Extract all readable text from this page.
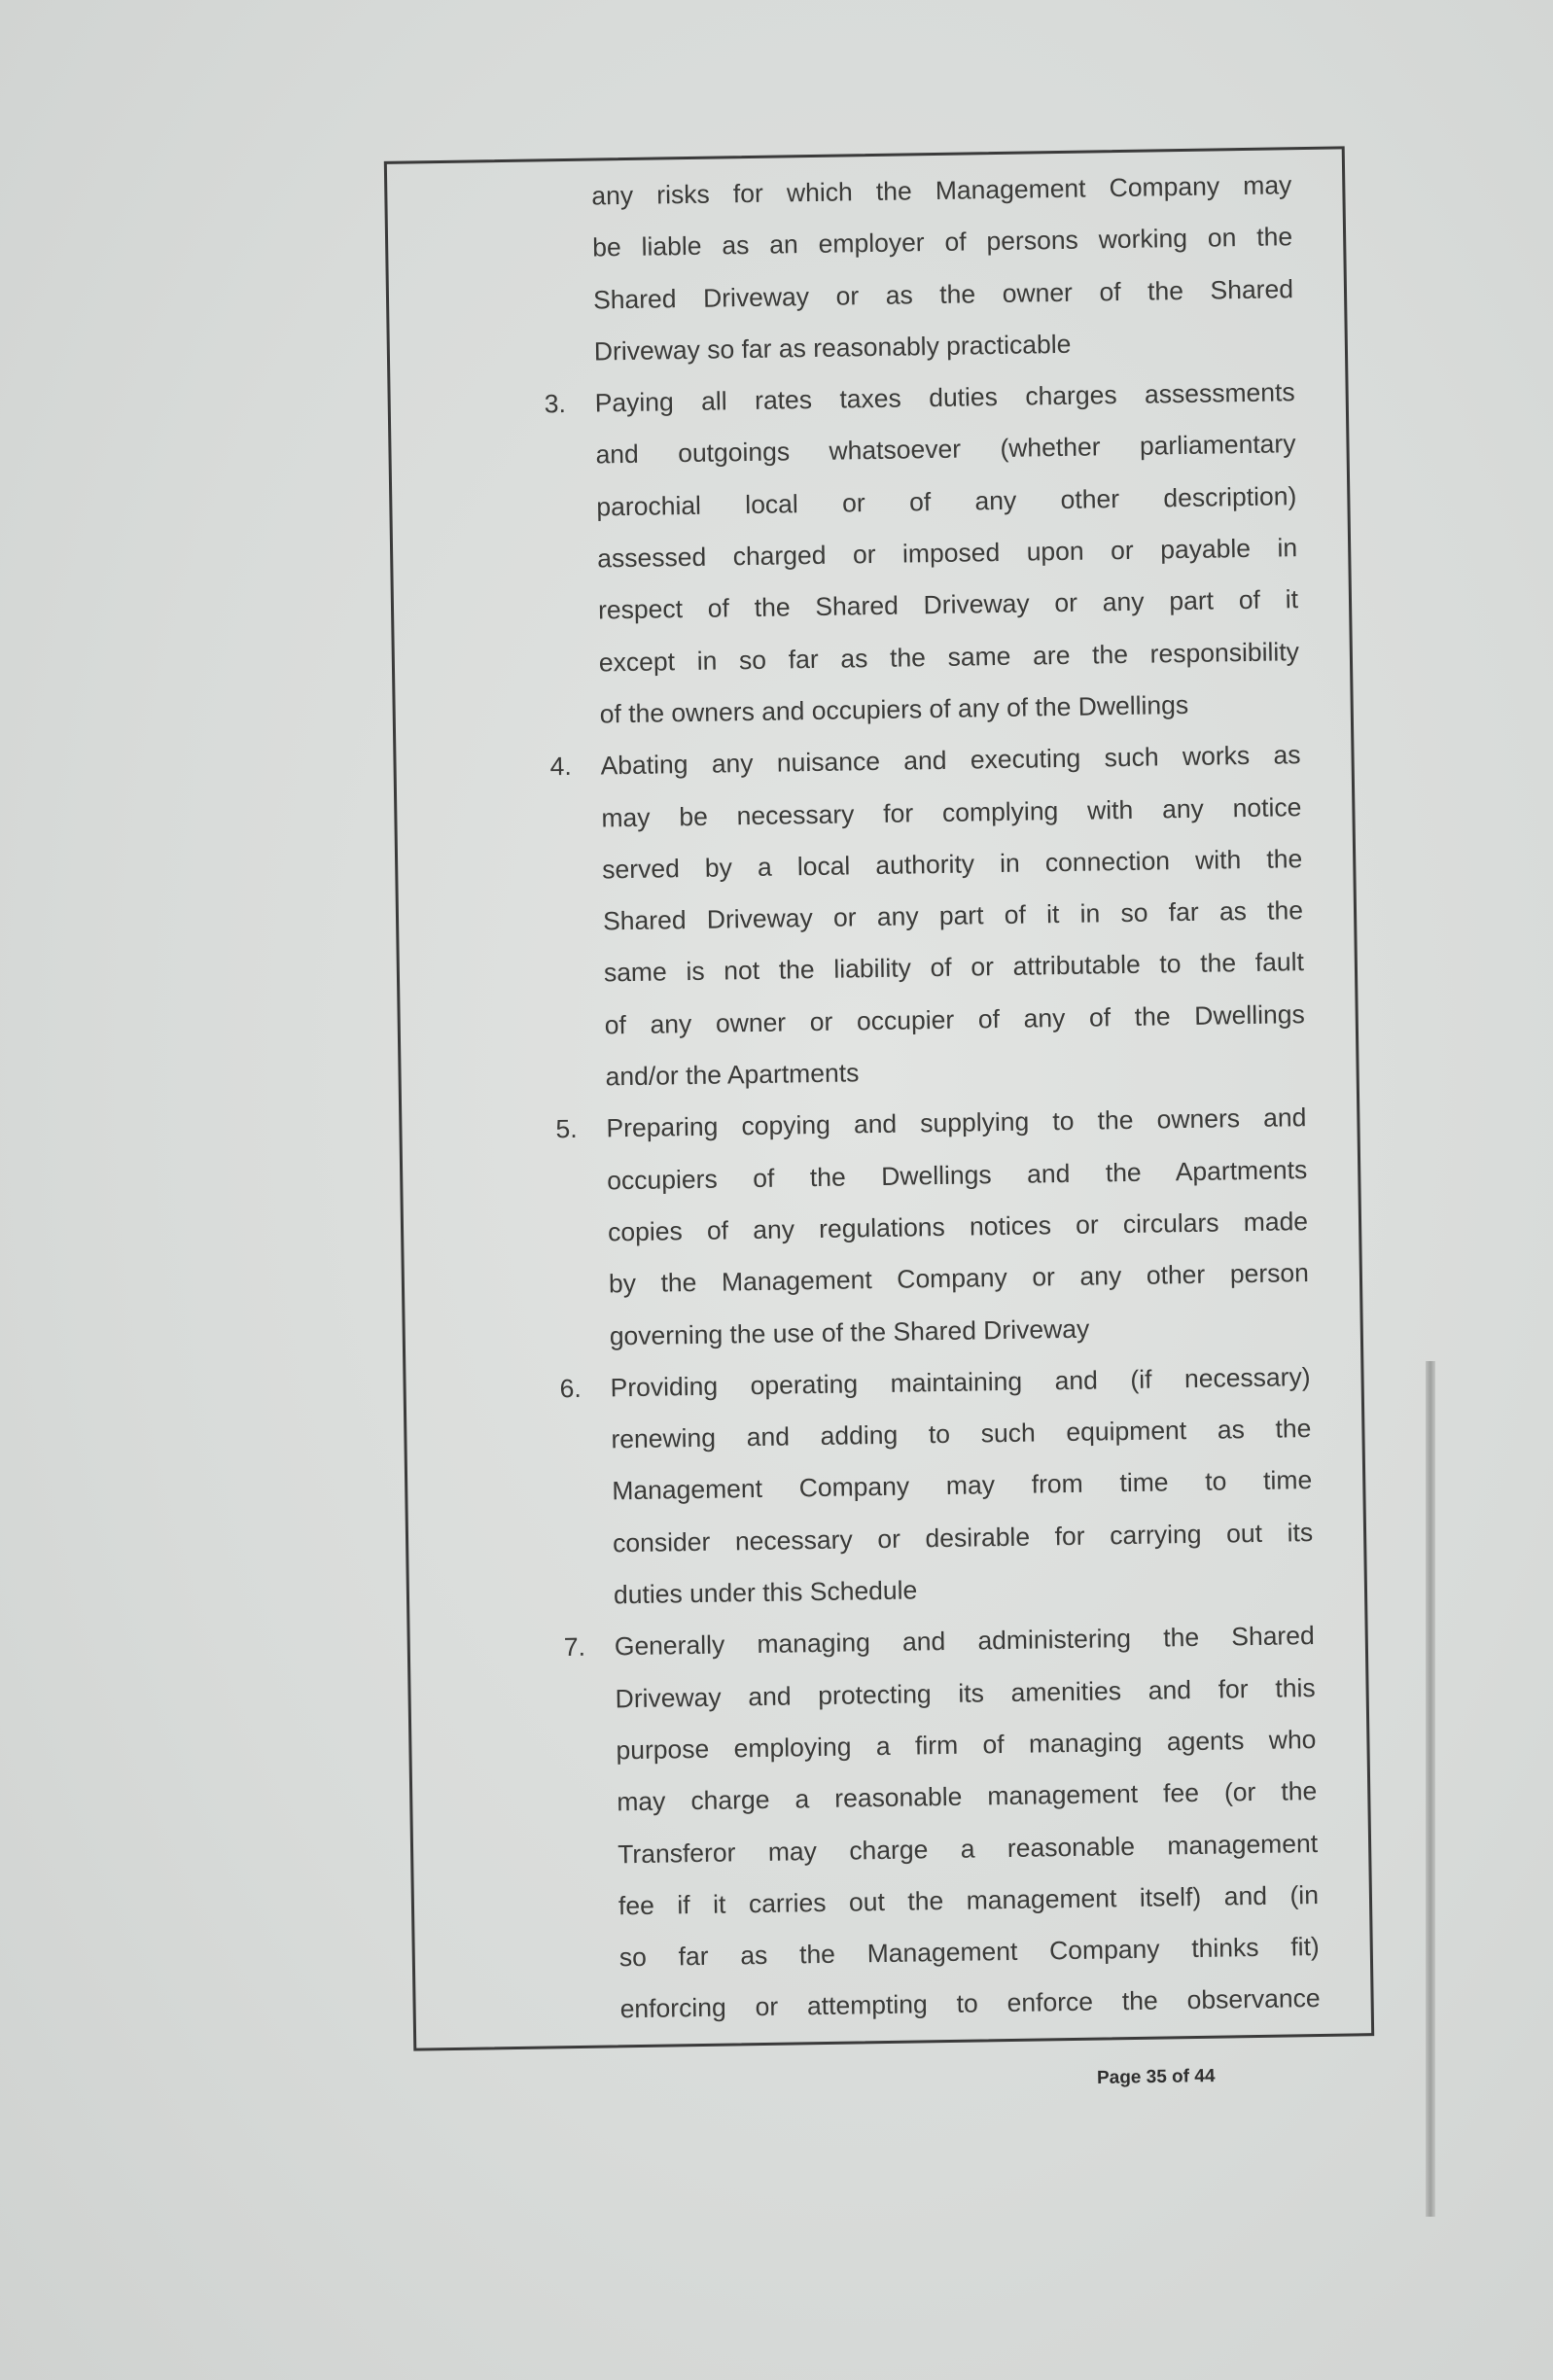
any risks for which the Management Company may
be liable as an employer of persons working on the
Shared Driveway or as the owner of the Shared
Driveway so far as reasonably practicable
3. Paying all rates taxes duties charges assessments
and outgoings whatsoever (whether parliamentary
parochial local or of any other description)
assessed charged or imposed upon or payable in
respect of the Shared Driveway or any part of it
except in so far as the same are the responsibility
of the owners and occupiers of any of the Dwellings
4. Abating any nuisance and executing such works as
may be necessary for complying with any notice
served by a local authority in connection with the
Shared Driveway or any part of it in so far as the
same is not the liability of or attributable to the fault
of any owner or occupier of any of the Dwellings
and/or the Apartments
5. Preparing copying and supplying to the owners and
occupiers of the Dwellings and the Apartments
copies of any regulations notices or circulars made
by the Management Company or any other person
governing the use of the Shared Driveway
6. Providing operating maintaining and (if necessary)
renewing and adding to such equipment as the
Management Company may from time to time
consider necessary or desirable for carrying out its
duties under this Schedule
7. Generally managing and administering the Shared
Driveway and protecting its amenities and for this
purpose employing a firm of managing agents who
may charge a reasonable management fee (or the
Transferor may charge a reasonable management
fee if it carries out the management itself) and (in
so far as the Management Company thinks fit)
enforcing or attempting to enforce the observance
Page 35 of 44
